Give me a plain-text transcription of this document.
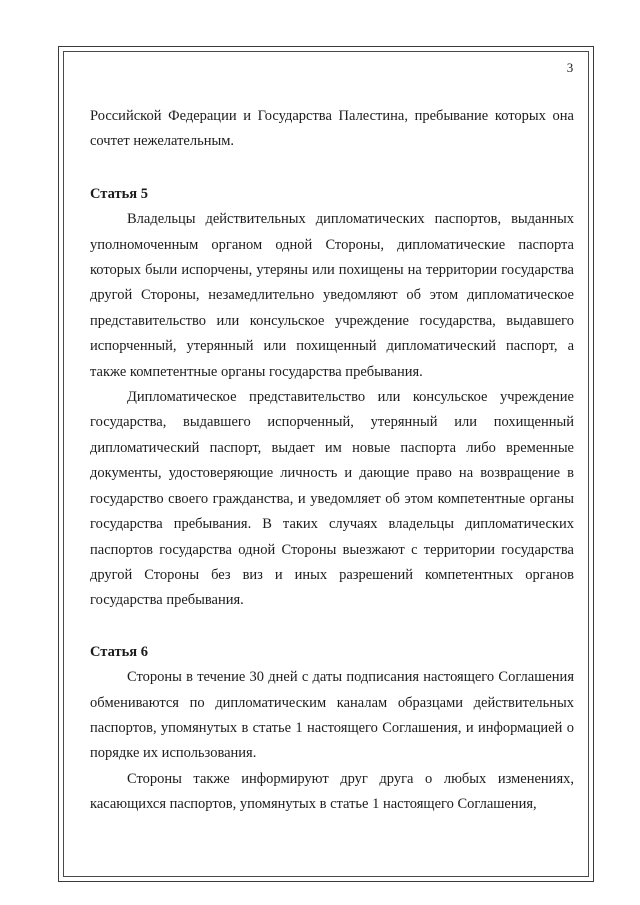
3

Российской Федерации и Государства Палестина, пребывание которых она сочтет нежелательным.

Статья 5

Владельцы действительных дипломатических паспортов, выданных уполномоченным органом одной Стороны, дипломатические паспорта которых были испорчены, утеряны или похищены на территории государства другой Стороны, незамедлительно уведомляют об этом дипломатическое представительство или консульское учреждение государства, выдавшего испорченный, утерянный или похищенный дипломатический паспорт, а также компетентные органы государства пребывания.

Дипломатическое представительство или консульское учреждение государства, выдавшего испорченный, утерянный или похищенный дипломатический паспорт, выдает им новые паспорта либо временные документы, удостоверяющие личность и дающие право на возвращение в государство своего гражданства, и уведомляет об этом компетентные органы государства пребывания. В таких случаях владельцы дипломатических паспортов государства одной Стороны выезжают с территории государства другой Стороны без виз и иных разрешений компетентных органов государства пребывания.

Статья 6

Стороны в течение 30 дней с даты подписания настоящего Соглашения обмениваются по дипломатическим каналам образцами действительных паспортов, упомянутых в статье 1 настоящего Соглашения, и информацией о порядке их использования.

Стороны также информируют друг друга о любых изменениях, касающихся паспортов, упомянутых в статье 1 настоящего Соглашения,
